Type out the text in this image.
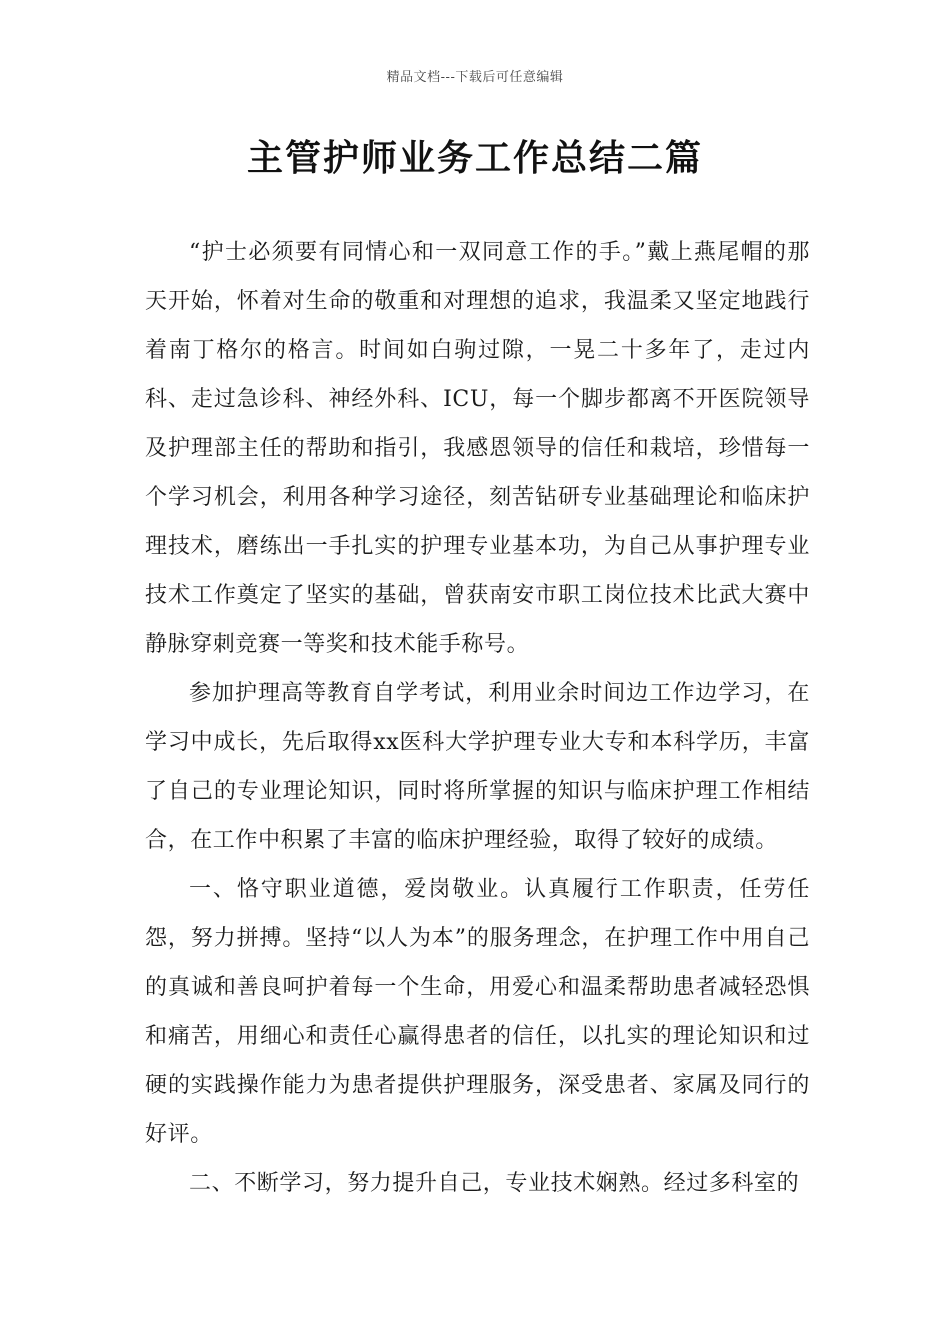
精品文档---下载后可任意编辑
主管护师业务工作总结二篇

“护士必须要有同情心和一双同意工作的手。”戴上燕尾帽的那天开始，怀着对生命的敬重和对理想的追求，我温柔又坚定地践行着南丁格尔的格言。时间如白驹过隙，一晃二十多年了，走过内科、走过急诊科、神经外科、ICU，每一个脚步都离不开医院领导及护理部主任的帮助和指引，我感恩领导的信任和栽培，珍惜每一个学习机会，利用各种学习途径，刻苦钻研专业基础理论和临床护理技术，磨练出一手扎实的护理专业基本功，为自己从事护理专业技术工作奠定了坚实的基础，曾获南安市职工岗位技术比武大赛中静脉穿刺竞赛一等奖和技术能手称号。

参加护理高等教育自学考试，利用业余时间边工作边学习，在学习中成长，先后取得xx医科大学护理专业大专和本科学历，丰富了自己的专业理论知识，同时将所掌握的知识与临床护理工作相结合，在工作中积累了丰富的临床护理经验，取得了较好的成绩。

一、恪守职业道德，爱岗敬业。认真履行工作职责，任劳任怨，努力拼搏。坚持“以人为本”的服务理念，在护理工作中用自己的真诚和善良呵护着每一个生命，用爱心和温柔帮助患者减轻恐惧和痛苦，用细心和责任心赢得患者的信任，以扎实的理论知识和过硬的实践操作能力为患者提供护理服务，深受患者、家属及同行的好评。

二、不断学习，努力提升自己，专业技术娴熟。经过多科室的
